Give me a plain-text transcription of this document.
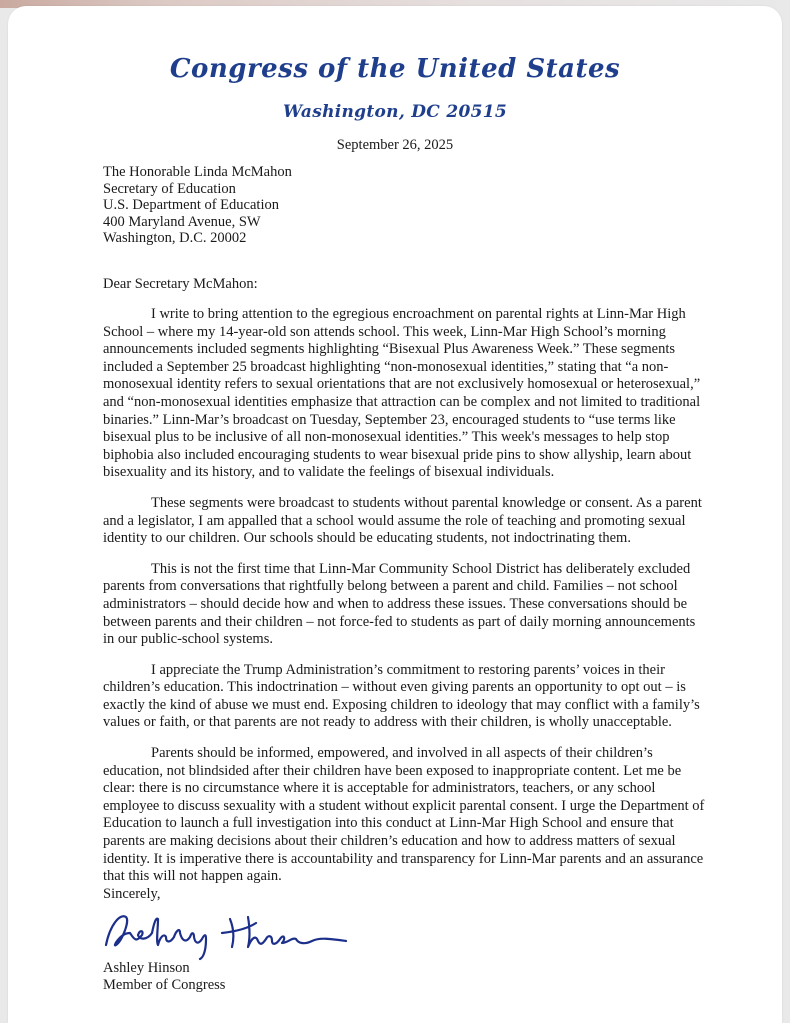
Congress of the United States
Washington, DC 20515
September 26, 2025
The Honorable Linda McMahon
Secretary of Education
U.S. Department of Education
400 Maryland Avenue, SW
Washington, D.C. 20002
Dear Secretary McMahon:

I write to bring attention to the egregious encroachment on parental rights at Linn-Mar High School – where my 14-year-old son attends school. This week, Linn-Mar High School’s morning announcements included segments highlighting “Bisexual Plus Awareness Week.” These segments included a September 25 broadcast highlighting “non-monosexual identities,” stating that “a non-monosexual identity refers to sexual orientations that are not exclusively homosexual or heterosexual,” and “non-monosexual identities emphasize that attraction can be complex and not limited to traditional binaries.” Linn-Mar’s broadcast on Tuesday, September 23, encouraged students to “use terms like bisexual plus to be inclusive of all non-monosexual identities.” This week's messages to help stop biphobia also included encouraging students to wear bisexual pride pins to show allyship, learn about bisexuality and its history, and to validate the feelings of bisexual individuals.

These segments were broadcast to students without parental knowledge or consent. As a parent and a legislator, I am appalled that a school would assume the role of teaching and promoting sexual identity to our children. Our schools should be educating students, not indoctrinating them.

This is not the first time that Linn-Mar Community School District has deliberately excluded parents from conversations that rightfully belong between a parent and child. Families – not school administrators – should decide how and when to address these issues. These conversations should be between parents and their children – not force-fed to students as part of daily morning announcements in our public-school systems.

I appreciate the Trump Administration’s commitment to restoring parents’ voices in their children’s education. This indoctrination – without even giving parents an opportunity to opt out – is exactly the kind of abuse we must end. Exposing children to ideology that may conflict with a family’s values or faith, or that parents are not ready to address with their children, is wholly unacceptable.

Parents should be informed, empowered, and involved in all aspects of their children’s education, not blindsided after their children have been exposed to inappropriate content. Let me be clear: there is no circumstance where it is acceptable for administrators, teachers, or any school employee to discuss sexuality with a student without explicit parental consent. I urge the Department of Education to launch a full investigation into this conduct at Linn-Mar High School and ensure that parents are making decisions about their children’s education and how to address matters of sexual identity. It is imperative there is accountability and transparency for Linn-Mar parents and an assurance that this will not happen again.

Sincerely,
Ashley Hinson
Member of Congress
